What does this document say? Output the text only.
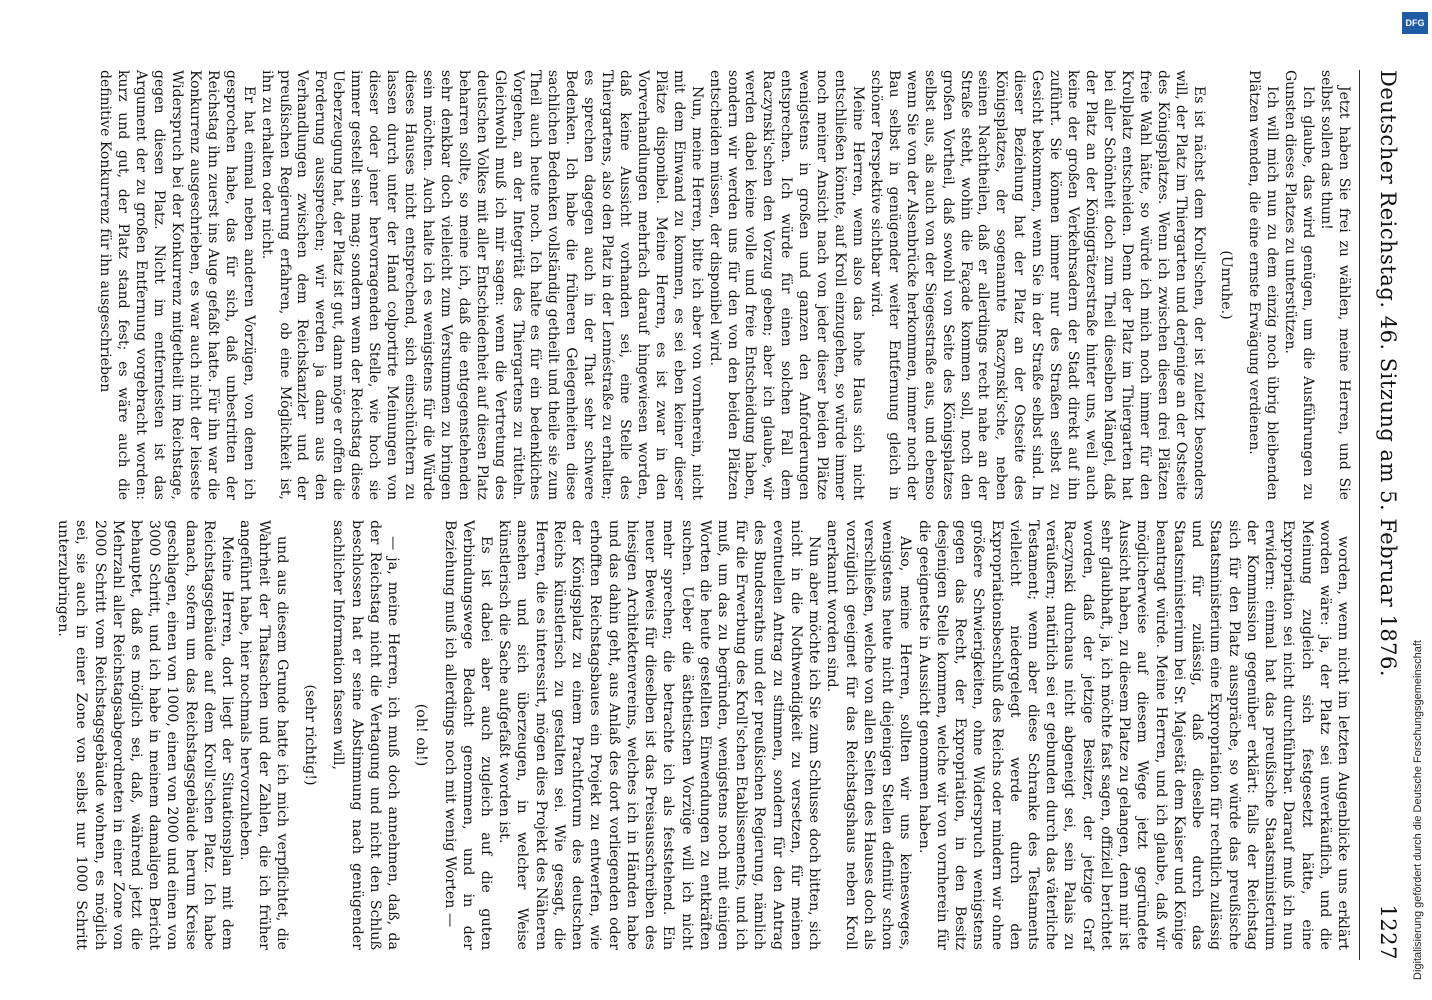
Deutscher Reichstag. 46. Sitzung am 5. Februar 1876.
1227

Jetzt haben Sie frei zu wählen, meine Herren, und Sie selbst sollen das thun!

Ich glaube, das wird genügen, um die Ausführungen zu Gunsten dieses Platzes zu unterstützen.

Ich will mich nun zu dem einzig noch übrig bleibenden Plätzen wenden, die eine ernste Erwägung verdienen.

(Unruhe.)

Es ist nächst dem Kroll'schen, der ist zuletzt besonders will, der Platz im Thiergarten und derjenige an der Ostseite des Königsplatzes. Wenn ich zwischen diesen drei Plätzen freie Wahl hätte, so würde ich mich noch immer für den Krollplatz entscheiden. Denn der Platz im Thiergarten hat bei aller Schönheit doch zum Theil dieselben Mängel, daß der Platz an der Königgrätzerstraße hinter uns, weil auch keine der großen Verkehrsadern der Stadt direkt auf ihn zuführt. Sie können immer nur des Straßen selbst zu Gesicht bekommen, wenn Sie in der Straße selbst sind. In dieser Beziehung hat der Platz an der Ostseite des Königsplatzes, der sogenannte Raczynski'sche, neben seinen Nachtheilen, daß er allerdings recht nahe an der Straße steht, wohin die Façade kommen soll, noch den großen Vortheil, daß sowohl von Seite des Königsplatzes selbst aus, als auch von der Siegesstraße aus, und ebenso wenn Sie von der Alsenbrücke herkommen, immer noch der Bau selbst in genügender weiter Entfernung gleich in schöner Perspektive sichtbar wird.

Meine Herren, wenn also das hohe Haus sich nicht entschließen könnte, auf Kroll einzugehen, so würde immer noch meiner Ansicht nach von jeder dieser beiden Plätze wenigstens in großen und ganzen den Anforderungen entsprechen. Ich würde für einen solchen Fall dem Raczynski'schen den Vorzug geben; aber ich glaube, wir werden dabei keine volle und freie Entscheidung haben, sondern wir werden uns für den von den beiden Plätzen entscheiden müssen, der disponibel wird.

Nun, meine Herren, bitte ich aber von vornherein, nicht mit dem Einwand zu kommen, es sei eben keiner dieser Plätze disponibel. Meine Herren, es ist zwar in den Vorverhandlungen mehrfach darauf hingewiesen worden, daß keine Aussicht vorhanden sei, eine Stelle des Thiergartens, also den Platz in der Lennéstraße zu erhalten; es sprechen dagegen auch in der That sehr schwere Bedenken. Ich habe die früheren Gelegenheiten diese sachlichen Bedenken vollständig getheilt und theile sie zum Theil auch heute noch. Ich halte es für ein bedenkliches Vorgehen, an der Integrität des Thiergartens zu rütteln. Gleichwohl muß ich mir sagen: wenn die Vertretung des deutschen Volkes mit aller Entschiedenheit auf diesen Platz beharren sollte, so meine ich, daß die entgegenstehenden sehr denkbar doch vielleicht zum Verstummen zu bringen sein möchten. Auch halte ich es wenigstens für die Würde dieses Hauses nicht entsprechend, sich einschüchtern zu lassen durch unter der Hand colportirte Meinungen von dieser oder jener hervorragenden Stelle, wie hoch sie immer gestellt sein mag; sondern wenn der Reichstag diese Ueberzeugung hat, der Platz ist gut, dann möge er offen die Forderung aussprechen; wir werden ja dann aus den Verhandlungen zwischen dem Reichskanzler und der preußischen Regierung erfahren, ob eine Möglichkeit ist, ihn zu erhalten oder nicht.

Er hat einmal neben anderen Vorzügen, von denen ich gesprochen habe, das für sich, daß unbestritten der Reichstag ihn zuerst ins Auge gefaßt hatte. Für ihn war die Konkurrenz ausgeschrieben, es war auch nicht der leiseste Widerspruch bei der Konkurrenz mitgetheilt im Reichstage, gegen diesen Platz. Nicht im entferntesten ist das Argument der zu großen Entfernung vorgebracht worden: kurz und gut, der Platz stand fest; es wäre auch die definitive Konkurrenz für ihn ausgeschrieben

worden, wenn nicht im letzten Augenblicke uns erklärt worden wäre: ja, der Platz sei unverkäuflich, und die Meinung zugleich sich festgesetzt hätte, eine Expropriation sei nicht durchführbar. Darauf muß ich nun erwidern: einmal hat das preußische Staatsministerium der Kommission gegenüber erklärt: falls der Reichstag sich für den Platz ausspräche, so würde das preußische Staatsministerium eine Expropriation für rechtlich zulässig und für zulässig, daß dieselbe durch das Staatsministerium bei Sr. Majestät dem Kaiser und Könige beantragt würde. Meine Herren, und ich glaube, daß wir möglicherweise auf diesem Wege jetzt gegründete Aussicht haben, zu diesem Platze zu gelangen, denn mir ist sehr glaubhaft, ja, ich möchte fast sagen, offiziell berichtet worden, daß der jetzige Besitzer, der jetzige Graf Raczynski durchaus nicht abgeneigt sei, sein Palais zu veräußern; natürlich sei er gebunden durch das väterliche Testament; wenn aber diese Schranke des Testaments vielleicht niedergelegt werde durch den Expropriationsbeschluß des Reichs oder mindern wir ohne größere Schwierigkeiten, ohne Widerspruch wenigstens gegen das Recht, der Expropriation, in den Besitz desjenigen Stelle kommen, welche wir von vornherein für die geeignetste in Aussicht genommen haben.

Also, meine Herren, sollten wir uns keinesweges, wenigstens heute nicht diejenigen Stellen definitiv schon verschließen, welche von allen Seiten des Hauses doch als vorzüglich geeignet für das Reichstagshaus neben Kroll anerkannt worden sind.

Nun aber möchte ich Sie zum Schlusse doch bitten, sich nicht in die Nothwendigkeit zu versetzen, für meinen eventuellen Antrag zu stimmen, sondern für den Antrag des Bundesraths und der preußischen Regierung, nämlich für die Erwerbung des Kroll'schen Etablissements, und ich muß, um das zu begründen, wenigstens noch mit einigen Worten die heute gestellten Einwendungen zu entkräften suchen. Ueber die ästhetischen Vorzüge will ich nicht mehr sprechen; die betrachte ich als feststehend. Ein neuer Beweis für dieselben ist das Preisausschreiben des hiesigen Architektenvereins, welches ich in Händen habe und das dahin geht, aus Anlaß des dort vorliegenden oder erhofften Reichstagsbaues ein Projekt zu entwerfen, wie der Königsplatz zu einem Prachtforum des deutschen Reichs künstlerisch zu gestalten sei. Wie gesagt, die Herren, die es interessirt, mögen dies Projekt des Näheren ansehen und sich überzeugen, in welcher Weise künstlerisch die Sache aufgefaßt worden ist.

Es ist dabei aber auch zugleich auf die guten Verbindungswege Bedacht genommen, und in der Beziehung muß ich allerdings noch mit wenig Worten —

(oh! oh!)

— ja, meine Herren, ich muß doch annehmen, daß, da der Reichstag nicht die Vertagung und nicht den Schluß beschlossen hat er seine Abstimmung nach genügender sachlicher Information fassen will,

(sehr richtig!)

und aus diesem Grunde hatte ich mich verpflichtet, die Wahrheit der Thatsachen und der Zahlen, die ich früher angeführt habe, hier nochmals hervorzuheben.

Meine Herren, dort liegt der Situationsplan mit dem Reichstagsgebäude auf dem Kroll'schen Platz. Ich habe danach, sofern um das Reichstagsgebäude herum Kreise geschlagen, einen von 1000, einen von 2000 und einen von 3000 Schritt, und ich habe in meinem damaligen Bericht behauptet, daß es möglich sei, daß, während jetzt die Mehrzahl aller Reichstagsabgeordneten in einer Zone von 2000 Schritt vom Reichstagsgebäude wohnen, es möglich sei, sie auch in einer Zone von selbst nur 1000 Schritt unterzubringen.

DFG
Digitalisierung gefördert durch die Deutsche Forschungsgemeinschaft
